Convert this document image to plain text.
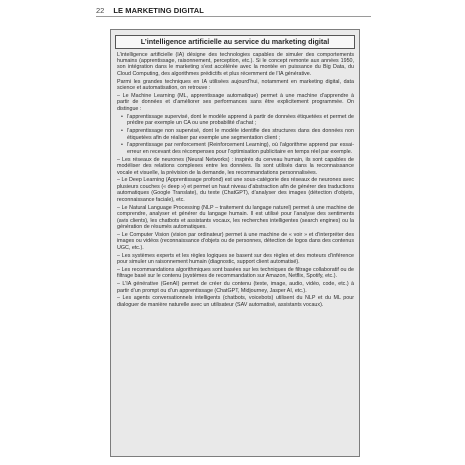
22 LE MARKETING DIGITAL
L’intelligence artificielle au service du marketing digital

L’intelligence artificielle (IA) désigne des technologies capables de simuler des comportements humains (apprentissage, raisonnement, perception, etc.). Si le concept remonte aux années 1950, son intégration dans le marketing s’est accélérée avec la montée en puissance du Big Data, du Cloud Computing, des algorithmes prédictifs et plus récemment de l’IA générative.

Parmi les grandes techniques en IA utilisées aujourd’hui, notamment en marketing digital, data science et automatisation, on retrouve :

– Le Machine Learning (ML, apprentissage automatique) permet à une machine d’apprendre à partir de données et d’améliorer ses performances sans être explicitement programmée. On distingue :

• l’apprentissage supervisé, dont le modèle apprend à partir de données étiquetées et permet de prédire par exemple un CA ou une probabilité d’achat ;

• l’apprentissage non supervisé, dont le modèle identifie des structures dans des données non étiquetées afin de réaliser par exemple une segmentation client ;

• l’apprentissage par renforcement (Reinforcement Learning), où l’algorithme apprend par essai-erreur en recevant des récompenses pour l’optimisation publicitaire en temps réel par exemple.

– Les réseaux de neurones (Neural Networks) : inspirés du cerveau humain, ils sont capables de modéliser des relations complexes entre les données. Ils sont utilisés dans la reconnaissance vocale et visuelle, la prévision de la demande, les recommandations personnalisées.

– Le Deep Learning (Apprentissage profond) est une sous-catégorie des réseaux de neurones avec plusieurs couches (« deep ») et permet un haut niveau d’abstraction afin de générer des traductions automatiques (Google Translate), du texte (ChatGPT), d’analyser des images (détection d’objets, reconnaissance faciale), etc.

– Le Natural Language Processing (NLP – traitement du langage naturel) permet à une machine de comprendre, analyser et générer du langage humain. Il est utilisé pour l’analyse des sentiments (avis clients), les chatbots et assistants vocaux, les recherches intelligentes (search engines) ou la génération de résumés automatiques.

– Le Computer Vision (vision par ordinateur) permet à une machine de « voir » et d’interpréter des images ou vidéos (reconnaissance d’objets ou de personnes, détection de logos dans des contenus UGC, etc.).

– Les systèmes experts et les règles logiques se basent sur des règles et des moteurs d’inférence pour simuler un raisonnement humain (diagnostic, support client automatisé).

– Les recommandations algorithmiques sont basées sur les techniques de filtrage collaboratif ou de filtrage basé sur le contenu (systèmes de recommandation sur Amazon, Netflix, Spotify, etc.).

– L’IA générative (GenAI) permet de créer du contenu (texte, image, audio, vidéo, code, etc.) à partir d’un prompt ou d’un apprentissage (ChatGPT, Midjourney, Jasper AI, etc.).

– Les agents conversationnels intelligents (chatbots, voicebots) utilisent du NLP et du ML pour dialoguer de manière naturelle avec un utilisateur (SAV automatisé, assistants vocaux).
